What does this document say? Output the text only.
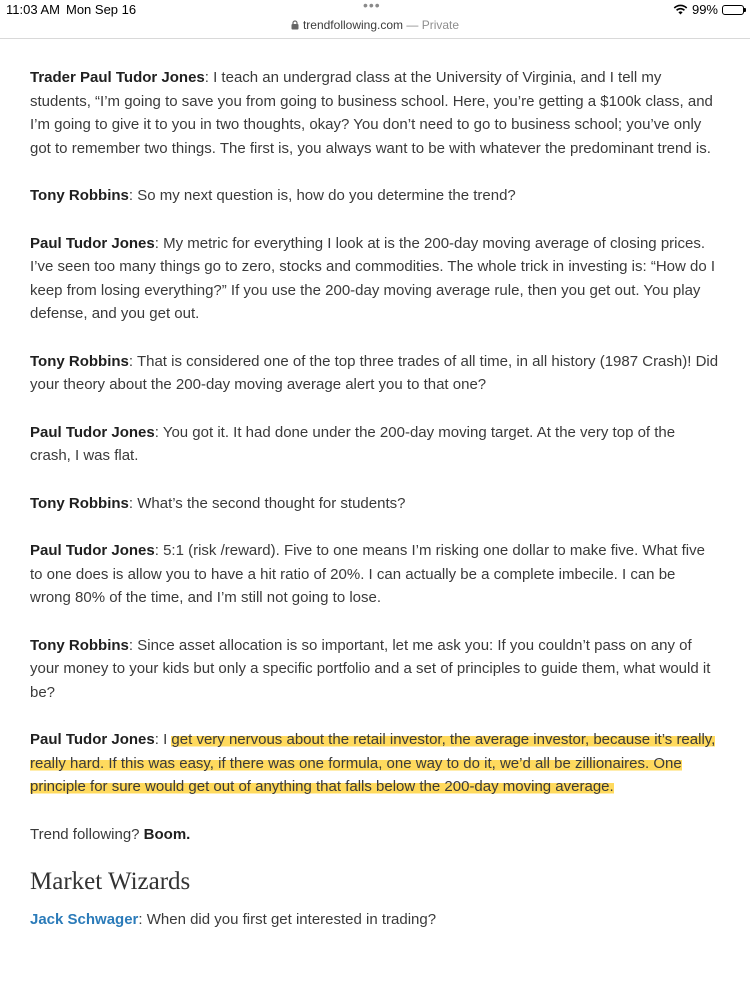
11:03 AM Mon Sep 16	•••	99%
trendfollowing.com — Private

Trader Paul Tudor Jones: I teach an undergrad class at the University of Virginia, and I tell my students, “I’m going to save you from going to business school. Here, you’re getting a $100k class, and I’m going to give it to you in two thoughts, okay? You don’t need to go to business school; you’ve only got to remember two things. The first is, you always want to be with whatever the predominant trend is.

Tony Robbins: So my next question is, how do you determine the trend?

Paul Tudor Jones: My metric for everything I look at is the 200-day moving average of closing prices. I’ve seen too many things go to zero, stocks and commodities. The whole trick in investing is: “How do I keep from losing everything?” If you use the 200-day moving average rule, then you get out. You play defense, and you get out.

Tony Robbins: That is considered one of the top three trades of all time, in all history (1987 Crash)! Did your theory about the 200-day moving average alert you to that one?

Paul Tudor Jones: You got it. It had done under the 200-day moving target. At the very top of the crash, I was flat.

Tony Robbins: What’s the second thought for students?

Paul Tudor Jones: 5:1 (risk /reward). Five to one means I’m risking one dollar to make five. What five to one does is allow you to have a hit ratio of 20%. I can actually be a complete imbecile. I can be wrong 80% of the time, and I’m still not going to lose.

Tony Robbins: Since asset allocation is so important, let me ask you: If you couldn’t pass on any of your money to your kids but only a specific portfolio and a set of principles to guide them, what would it be?

Paul Tudor Jones: I get very nervous about the retail investor, the average investor, because it’s really, really hard. If this was easy, if there was one formula, one way to do it, we’d all be zillionaires. One principle for sure would get out of anything that falls below the 200-day moving average.

Trend following? Boom.

Market Wizards

Jack Schwager: When did you first get interested in trading?
